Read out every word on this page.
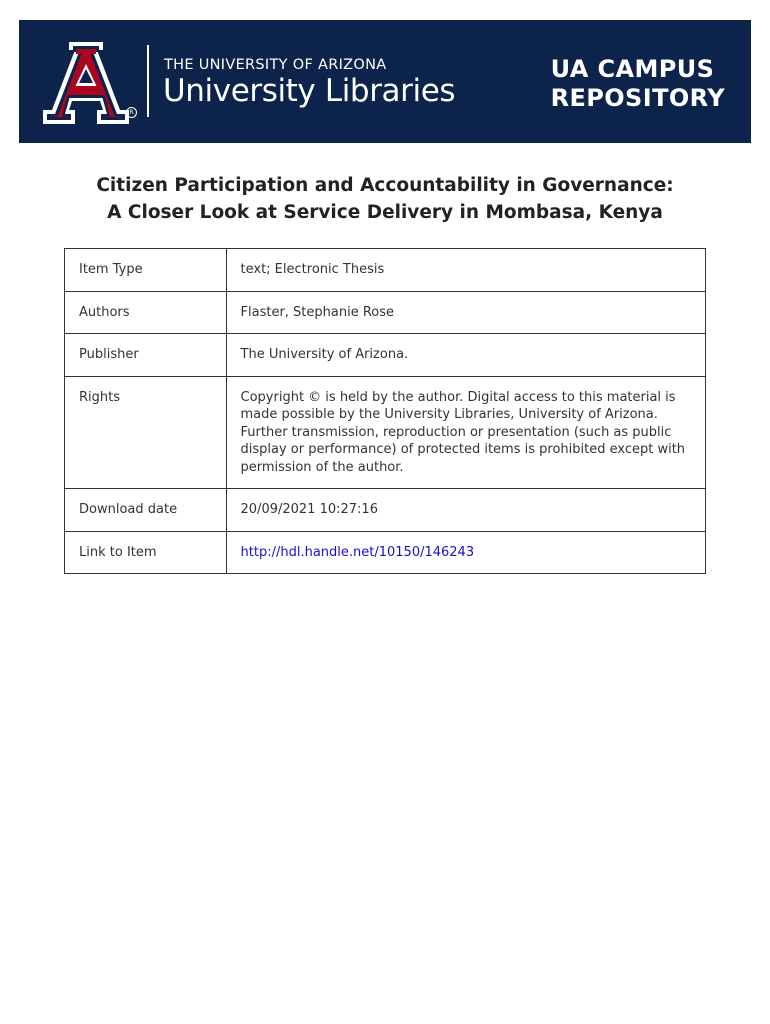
R
THE UNIVERSITY OF ARIZONA
University Libraries
UA CAMPUS
REPOSITORY
Citizen Participation and Accountability in Governance:
A Closer Look at Service Delivery in Mombasa, Kenya
Item Type	text; Electronic Thesis
Authors	Flaster, Stephanie Rose
Publisher	The University of Arizona.
Rights	Copyright © is held by the author. Digital access to this material is made possible by the University Libraries, University of Arizona. Further transmission, reproduction or presentation (such as public display or performance) of protected items is prohibited except with permission of the author.
Download date	20/09/2021 10:27:16
Link to Item	http://hdl.handle.net/10150/146243
